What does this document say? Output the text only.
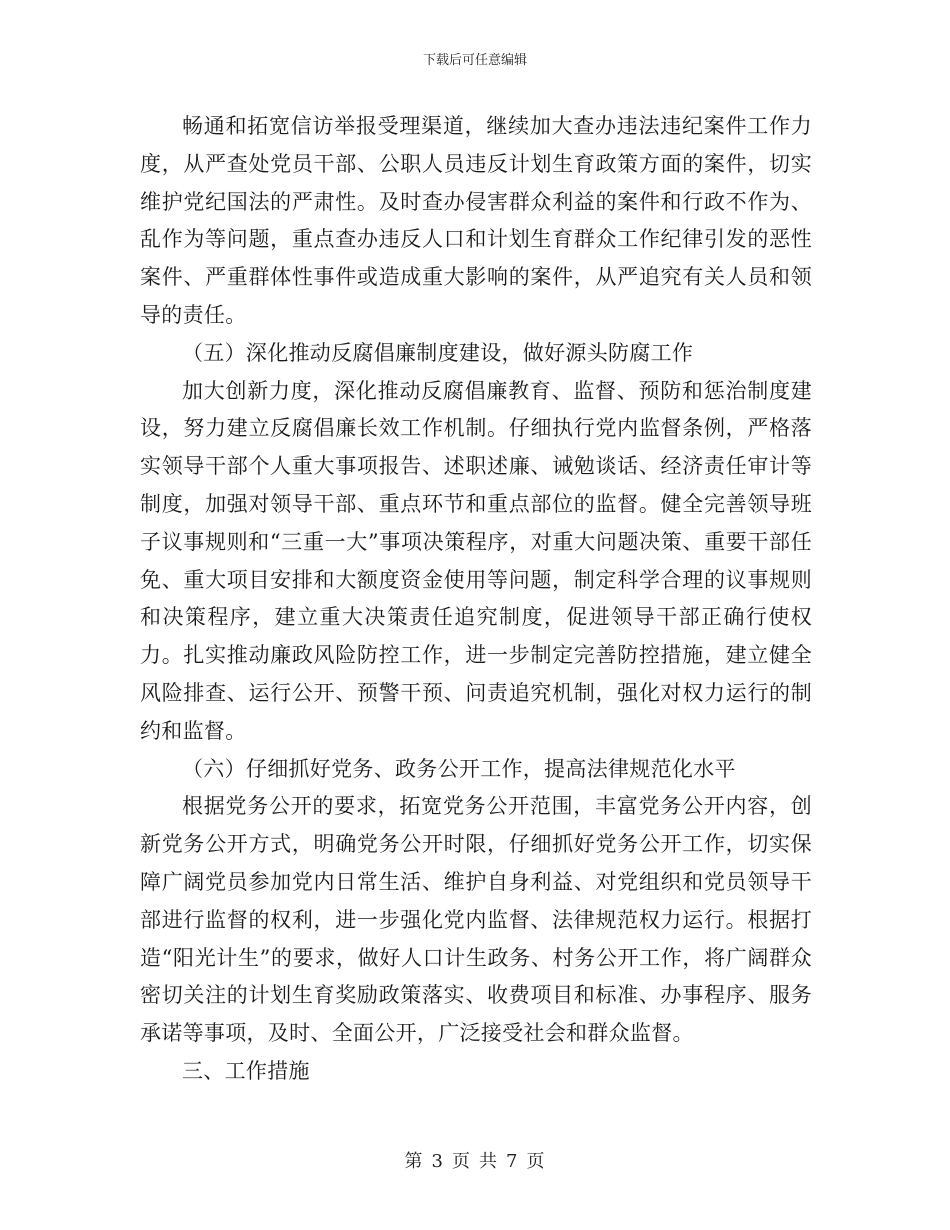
下载后可任意编辑

畅通和拓宽信访举报受理渠道，继续加大查办违法违纪案件工作力度，从严查处党员干部、公职人员违反计划生育政策方面的案件，切实维护党纪国法的严肃性。及时查办侵害群众利益的案件和行政不作为、乱作为等问题，重点查办违反人口和计划生育群众工作纪律引发的恶性案件、严重群体性事件或造成重大影响的案件，从严追究有关人员和领导的责任。

（五）深化推动反腐倡廉制度建设，做好源头防腐工作

加大创新力度，深化推动反腐倡廉教育、监督、预防和惩治制度建设，努力建立反腐倡廉长效工作机制。仔细执行党内监督条例，严格落实领导干部个人重大事项报告、述职述廉、诫勉谈话、经济责任审计等制度，加强对领导干部、重点环节和重点部位的监督。健全完善领导班子议事规则和“三重一大”事项决策程序，对重大问题决策、重要干部任免、重大项目安排和大额度资金使用等问题，制定科学合理的议事规则和决策程序，建立重大决策责任追究制度，促进领导干部正确行使权力。扎实推动廉政风险防控工作，进一步制定完善防控措施，建立健全风险排查、运行公开、预警干预、问责追究机制，强化对权力运行的制约和监督。

（六）仔细抓好党务、政务公开工作，提高法律规范化水平

根据党务公开的要求，拓宽党务公开范围，丰富党务公开内容，创新党务公开方式，明确党务公开时限，仔细抓好党务公开工作，切实保障广阔党员参加党内日常生活、维护自身利益、对党组织和党员领导干部进行监督的权利，进一步强化党内监督、法律规范权力运行。根据打造“阳光计生”的要求，做好人口计生政务、村务公开工作，将广阔群众密切关注的计划生育奖励政策落实、收费项目和标准、办事程序、服务承诺等事项，及时、全面公开，广泛接受社会和群众监督。

三、工作措施

第 3 页 共 7 页
